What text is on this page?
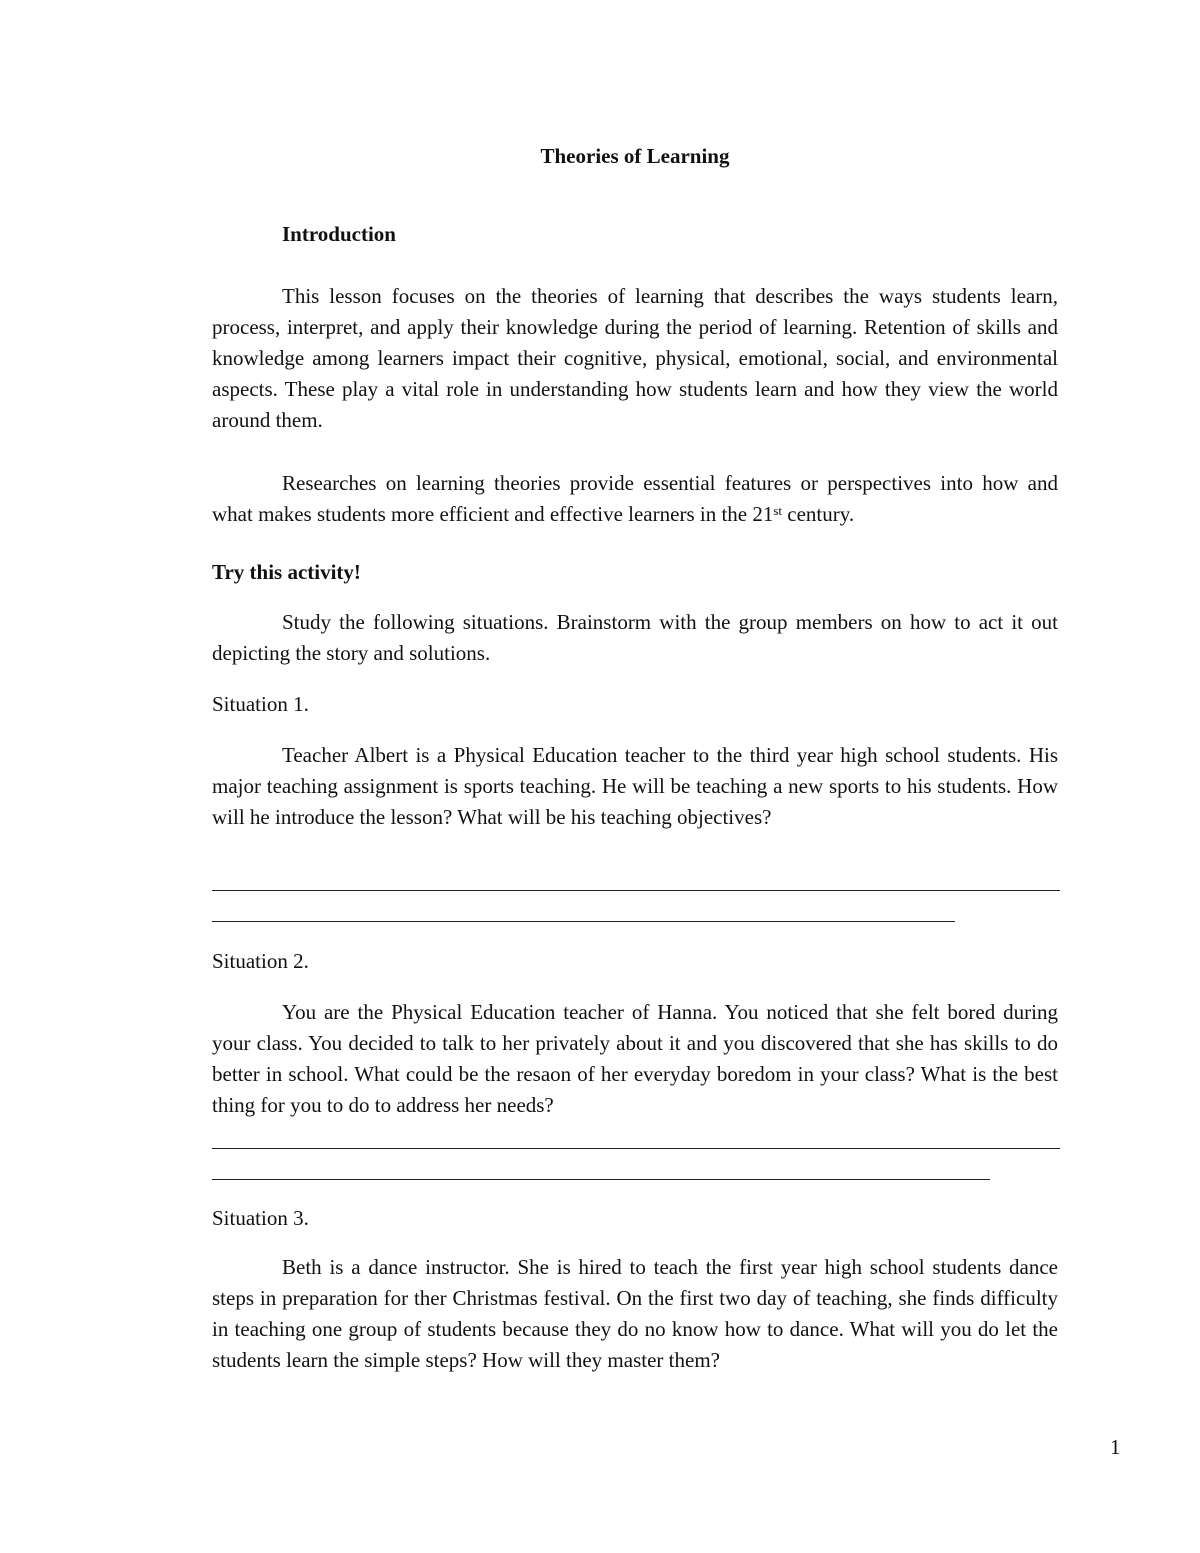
Theories of Learning

Introduction

This lesson focuses on the theories of learning that describes the ways students learn, process, interpret, and apply their knowledge during the period of learning. Retention of skills and knowledge among learners impact their cognitive, physical, emotional, social, and environmental aspects. These play a vital role in understanding how students learn and how they view the world around them.

Researches on learning theories provide essential features or perspectives into how and what makes students more efficient and effective learners in the 21st century.

Try this activity!

Study the following situations. Brainstorm with the group members on how to act it out depicting the story and solutions.

Situation 1.

Teacher Albert is a Physical Education teacher to the third year high school students. His major teaching assignment is sports teaching. He will be teaching a new sports to his students. How will he introduce the lesson? What will be his teaching objectives?

Situation 2.

You are the Physical Education teacher of Hanna. You noticed that she felt bored during your class. You decided to talk to her privately about it and you discovered that she has skills to do better in school. What could be the resaon of her everyday boredom in your class? What is the best thing for you to do to address her needs?

Situation 3.

Beth is a dance instructor. She is hired to teach the first year high school students dance steps in preparation for ther Christmas festival. On the first two day of teaching, she finds difficulty in teaching one group of students because they do no know how to dance. What will you do let the students learn the simple steps? How will they master them?

1
